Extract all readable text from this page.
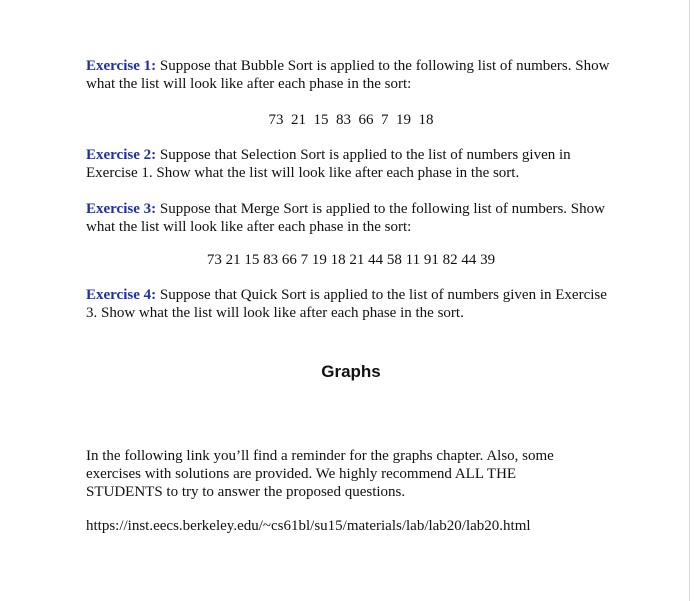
Exercise 1: Suppose that Bubble Sort is applied to the following list of numbers. Show what the list will look like after each phase in the sort:

73  21  15  83  66  7  19  18

Exercise 2: Suppose that Selection Sort is applied to the list of numbers given in Exercise 1. Show what the list will look like after each phase in the sort.

Exercise 3: Suppose that Merge Sort is applied to the following list of numbers. Show what the list will look like after each phase in the sort:

73 21 15 83 66 7 19 18 21 44 58 11 91 82 44 39

Exercise 4: Suppose that Quick Sort is applied to the list of numbers given in Exercise 3. Show what the list will look like after each phase in the sort.

Graphs

In the following link you’ll find a reminder for the graphs chapter. Also, some exercises with solutions are provided. We highly recommend ALL THE STUDENTS to try to answer the proposed questions.

https://inst.eecs.berkeley.edu/~cs61bl/su15/materials/lab/lab20/lab20.html
